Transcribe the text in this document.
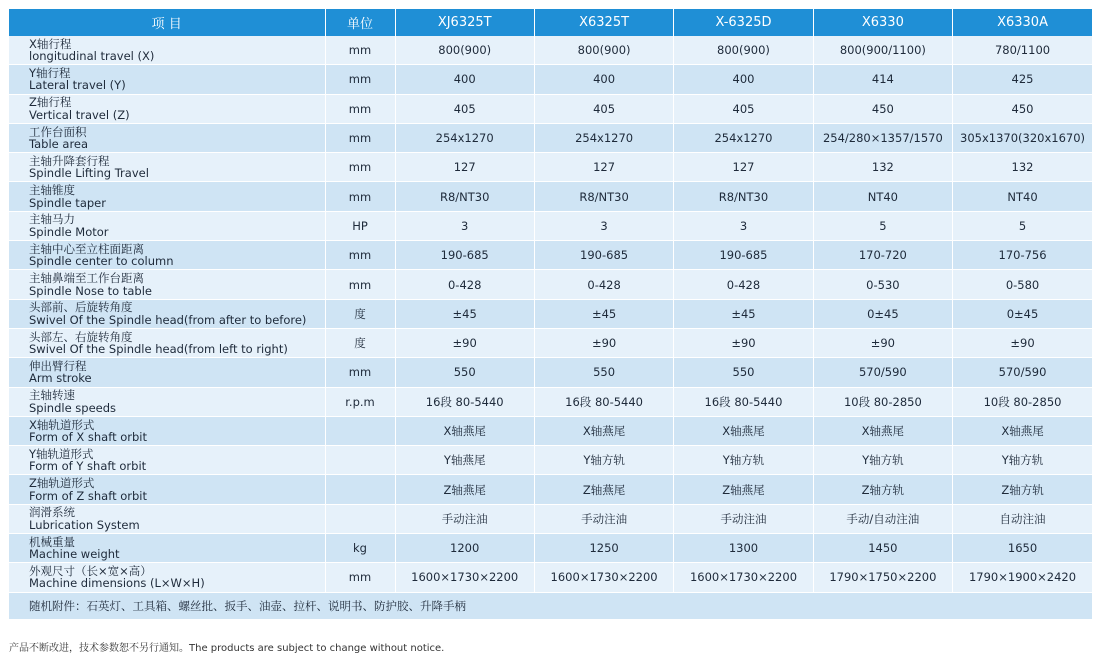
项 目	单位	XJ6325T	X6325T	X-6325D	X6330	X6330A

X轴行程
longitudinal travel (X)	mm	800(900)	800(900)	800(900)	800(900/1100)	780/1100

Y轴行程
Lateral travel (Y)	mm	400	400	400	414	425

Z轴行程
Vertical travel (Z)	mm	405	405	405	450	450

工作台面积
Table area	mm	254x1270	254x1270	254x1270	254/280×1357/1570	305x1370(320x1670)

主轴升降套行程
Spindle Lifting Travel	mm	127	127	127	132	132

主轴锥度
Spindle taper	mm	R8/NT30	R8/NT30	R8/NT30	NT40	NT40

主轴马力
Spindle Motor	HP	3	3	3	5	5

主轴中心至立柱面距离
Spindle center to column	mm	190-685	190-685	190-685	170-720	170-756

主轴鼻端至工作台距离
Spindle Nose to table	mm	0-428	0-428	0-428	0-530	0-580

头部前、后旋转角度
Swivel Of the Spindle head(from after to before)	度	±45	±45	±45	0±45	0±45

头部左、右旋转角度
Swivel Of the Spindle head(from left to right)	度	±90	±90	±90	±90	±90

伸出臂行程
Arm stroke	mm	550	550	550	570/590	570/590

主轴转速
Spindle speeds	r.p.m	16段 80-5440	16段 80-5440	16段 80-5440	10段 80-2850	10段 80-2850

X轴轨道形式
Form of X shaft orbit		X轴燕尾	X轴燕尾	X轴燕尾	X轴燕尾	X轴燕尾

Y轴轨道形式
Form of Y shaft orbit		Y轴燕尾	Y轴方轨	Y轴方轨	Y轴方轨	Y轴方轨

Z轴轨道形式
Form of Z shaft orbit		Z轴燕尾	Z轴燕尾	Z轴燕尾	Z轴方轨	Z轴方轨

润滑系统
Lubrication System		手动注油	手动注油	手动注油	手动/自动注油	自动注油

机械重量
Machine weight	kg	1200	1250	1300	1450	1650

外观尺寸（长×宽×高）
Machine dimensions (L×W×H)	mm	1600×1730×2200	1600×1730×2200	1600×1730×2200	1790×1750×2200	1790×1900×2420
随机附件：石英灯、工具箱、螺丝批、扳手、油壶、拉杆、说明书、防护胶、升降手柄						
产品不断改进，技术参数恕不另行通知。The products are subject to change without notice.
